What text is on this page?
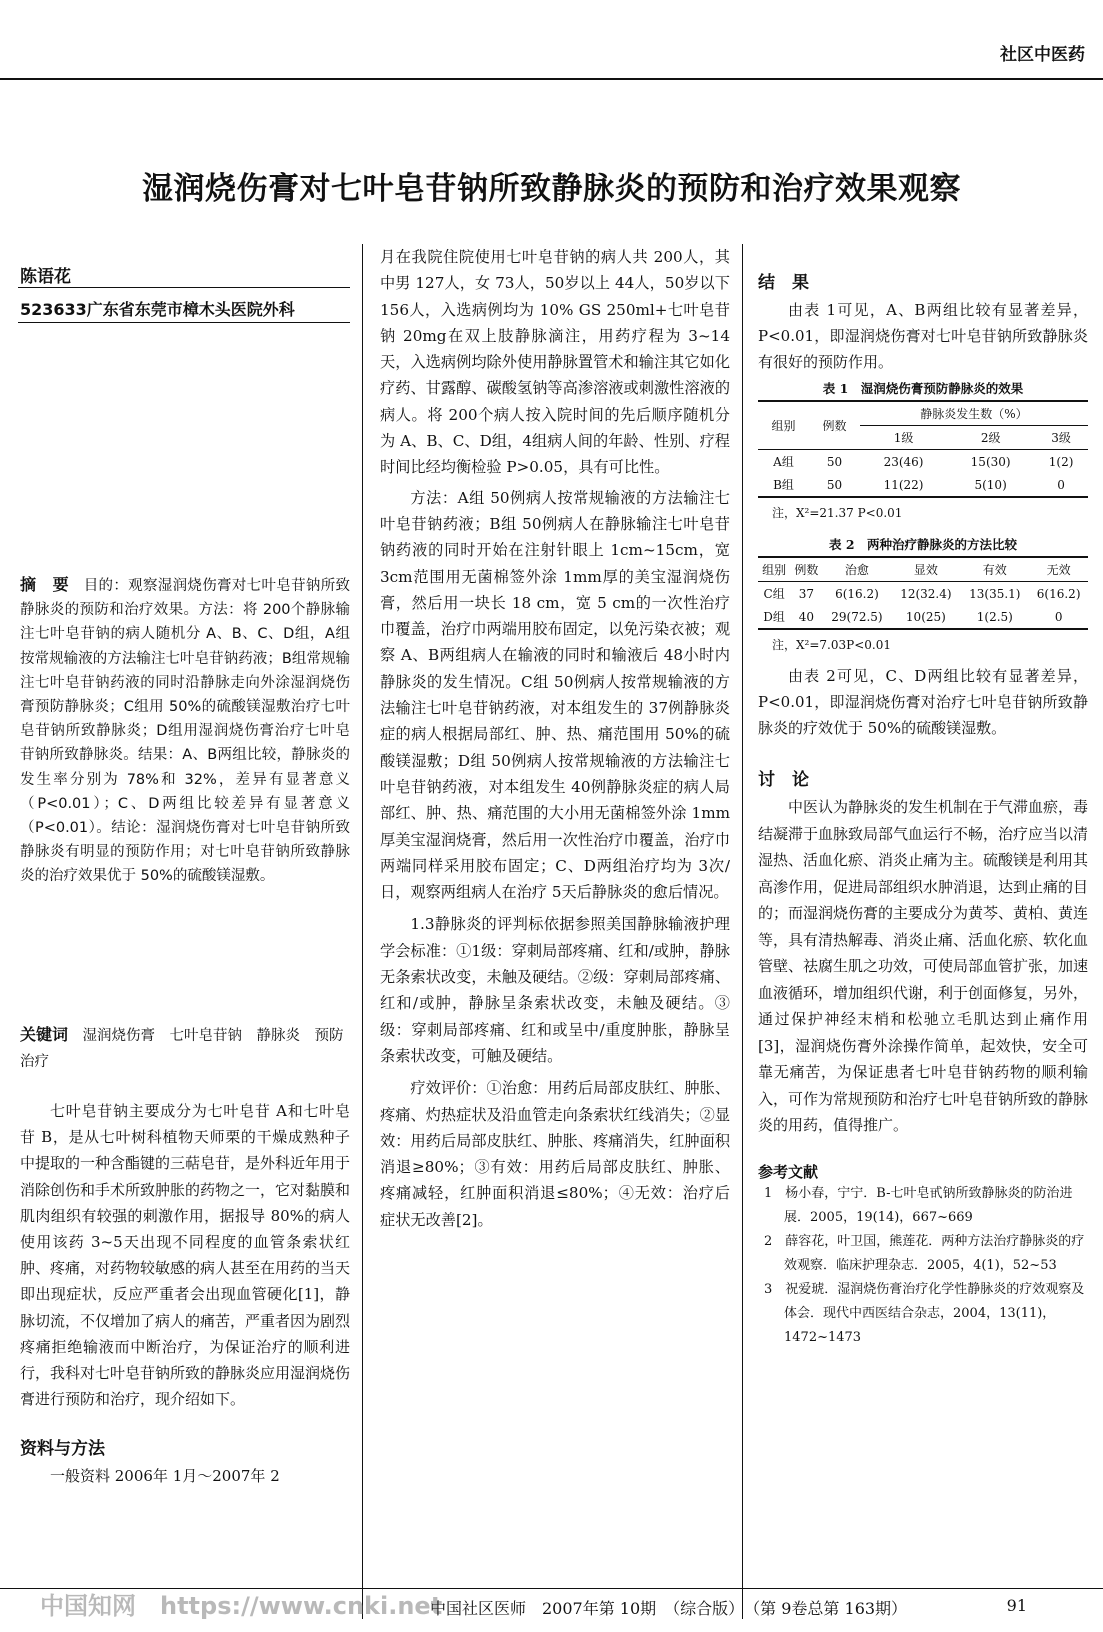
社区中医药
湿润烧伤膏对七叶皂苷钠所致静脉炎的预防和治疗效果观察
陈语花
523633广东省东莞市樟木头医院外科
摘　要　 目的：观察湿润烧伤膏对七叶皂苷钠所致静脉炎的预防和治疗效果。方法：将 200个静脉输注七叶皂苷钠的病人随机分 A、B、C、D组，A组按常规输液的方法输注七叶皂苷钠药液；B组常规输注七叶皂苷钠药液的同时沿静脉走向外涂湿润烧伤膏预防静脉炎；C组用 50%的硫酸镁湿敷治疗七叶皂苷钠所致静脉炎；D组用湿润烧伤膏治疗七叶皂苷钠所致静脉炎。结果：A、B两组比较，静脉炎的发生率分别为 78%和 32%，差异有显著意义（P<0.01）；C、D两组比较差异有显著意义（P<0.01）。结论：湿润烧伤膏对七叶皂苷钠所致静脉炎有明显的预防作用；对七叶皂苷钠所致静脉炎的治疗效果优于 50%的硫酸镁湿敷。
关键词　 湿润烧伤膏　七叶皂苷钠　静脉炎　预防　治疗

七叶皂苷钠主要成分为七叶皂苷 A和七叶皂苷 B，是从七叶树科植物天师栗的干燥成熟种子中提取的一种含酯键的三萜皂苷，是外科近年用于消除创伤和手术所致肿胀的药物之一，它对黏膜和肌肉组织有较强的刺激作用，据报导 80%的病人使用该药 3~5天出现不同程度的血管条索状红肿、疼痛，对药物较敏感的病人甚至在用药的当天即出现症状，反应严重者会出现血管硬化[1]，静脉切流，不仅增加了病人的痛苦，严重者因为剧烈疼痛拒绝输液而中断治疗，为保证治疗的顺利进行，我科对七叶皂苷钠所致的静脉炎应用湿润烧伤膏进行预防和治疗，现介绍如下。

资料与方法

一般资料 2006年 1月～2007年 2

月在我院住院使用七叶皂苷钠的病人共 200人，其中男 127人，女 73人，50岁以上 44人，50岁以下 156人，入选病例均为 10% GS 250ml+七叶皂苷钠 20mg在双上肢静脉滴注，用药疗程为 3~14天，入选病例均除外使用静脉置管术和输注其它如化疗药、甘露醇、碳酸氢钠等高渗溶液或刺激性溶液的病人。将 200个病人按入院时间的先后顺序随机分为 A、B、C、D组，4组病人间的年龄、性别、疗程时间比经均衡检验 P>0.05，具有可比性。

方法：A组 50例病人按常规输液的方法输注七叶皂苷钠药液；B组 50例病人在静脉输注七叶皂苷钠药液的同时开始在注射针眼上 1cm~15cm，宽 3cm范围用无菌棉签外涂 1mm厚的美宝湿润烧伤膏，然后用一块长 18 cm，宽 5 cm的一次性治疗巾覆盖，治疗巾两端用胶布固定，以免污染衣被；观察 A、B两组病人在输液的同时和输液后 48小时内静脉炎的发生情况。C组 50例病人按常规输液的方法输注七叶皂苷钠药液，对本组发生的 37例静脉炎症的病人根据局部红、肿、热、痛范围用 50%的硫酸镁湿敷；D组 50例病人按常规输液的方法输注七叶皂苷钠药液，对本组发生 40例静脉炎症的病人局部红、肿、热、痛范围的大小用无菌棉签外涂 1mm厚美宝湿润烧膏，然后用一次性治疗巾覆盖，治疗巾两端同样采用胶布固定；C、D两组治疗均为 3次/日，观察两组病人在治疗 5天后静脉炎的愈后情况。

1.3静脉炎的评判标依据参照美国静脉输液护理学会标准：①1级：穿刺局部疼痛、红和/或肿，静脉无条索状改变，未触及硬结。②级：穿刺局部疼痛、红和/或肿，静脉呈条索状改变，未触及硬结。③级：穿刺局部疼痛、红和或呈中/重度肿胀，静脉呈条索状改变，可触及硬结。

疗效评价：①治愈：用药后局部皮肤红、肿胀、疼痛、灼热症状及沿血管走向条索状红线消失；②显效：用药后局部皮肤红、肿胀、疼痛消失，红肿面积消退≥80%；③有效：用药后局部皮肤红、肿胀、疼痛减轻，红肿面积消退≤80%；④无效：治疗后症状无改善[2]。

结　果

由表 1可见，A、B两组比较有显著差异，P<0.01，即湿润烧伤膏对七叶皂苷钠所致静脉炎有很好的预防作用。

表 1　湿润烧伤膏预防静脉炎的效果
组别	例数	静脉炎发生数（%）		
		1级	2级	3级
A组	50	23(46)	15(30)	1(2)
B组	50	11(22)	5(10)	0
注，X²=21.37 P<0.01
表 2　两种治疗静脉炎的方法比较
组别	例数	治愈	显效	有效	无效
C组	37	6(16.2)	12(32.4)	13(35.1)	6(16.2)
D组	40	29(72.5)	10(25)	1(2.5)	0
注，X²=7.03P<0.01

由表 2可见，C、D两组比较有显著差异，P<0.01，即湿润烧伤膏对治疗七叶皂苷钠所致静脉炎的疗效优于 50%的硫酸镁湿敷。

讨　论

中医认为静脉炎的发生机制在于气滞血瘀，毒结凝滞于血脉致局部气血运行不畅，治疗应当以清湿热、活血化瘀、消炎止痛为主。硫酸镁是利用其高渗作用，促进局部组织水肿消退，达到止痛的目的；而湿润烧伤膏的主要成分为黄芩、黄柏、黄连等，具有清热解毒、消炎止痛、活血化瘀、软化血管壁、祛腐生肌之功效，可使局部血管扩张，加速血液循环，增加组织代谢，利于创面修复，另外，通过保护神经末梢和松驰立毛肌达到止痛作用[3]，湿润烧伤膏外涂操作简单，起效快，安全可靠无痛苦，为保证患者七叶皂苷钠药物的顺利输入，可作为常规预防和治疗七叶皂苷钠所致的静脉炎的用药，值得推广。

参考文献
1　杨小春，宁宁．B-七叶皂甙钠所致静脉炎的防治进展．2005，19(14)，667~669
2　薛容花，叶卫国，熊莲花．两种方法治疗静脉炎的疗效观察．临床护理杂志．2005，4(1)，52~53
3　祝爱琥．湿润烧伤膏治疗化学性静脉炎的疗效观察及体会．现代中西医结合杂志，2004，13(11)，1472~1473
中国知网　https://www.cnki.net
中国社区医师　2007年第 10期　（综合版）　（第 9卷总第 163期）	91
